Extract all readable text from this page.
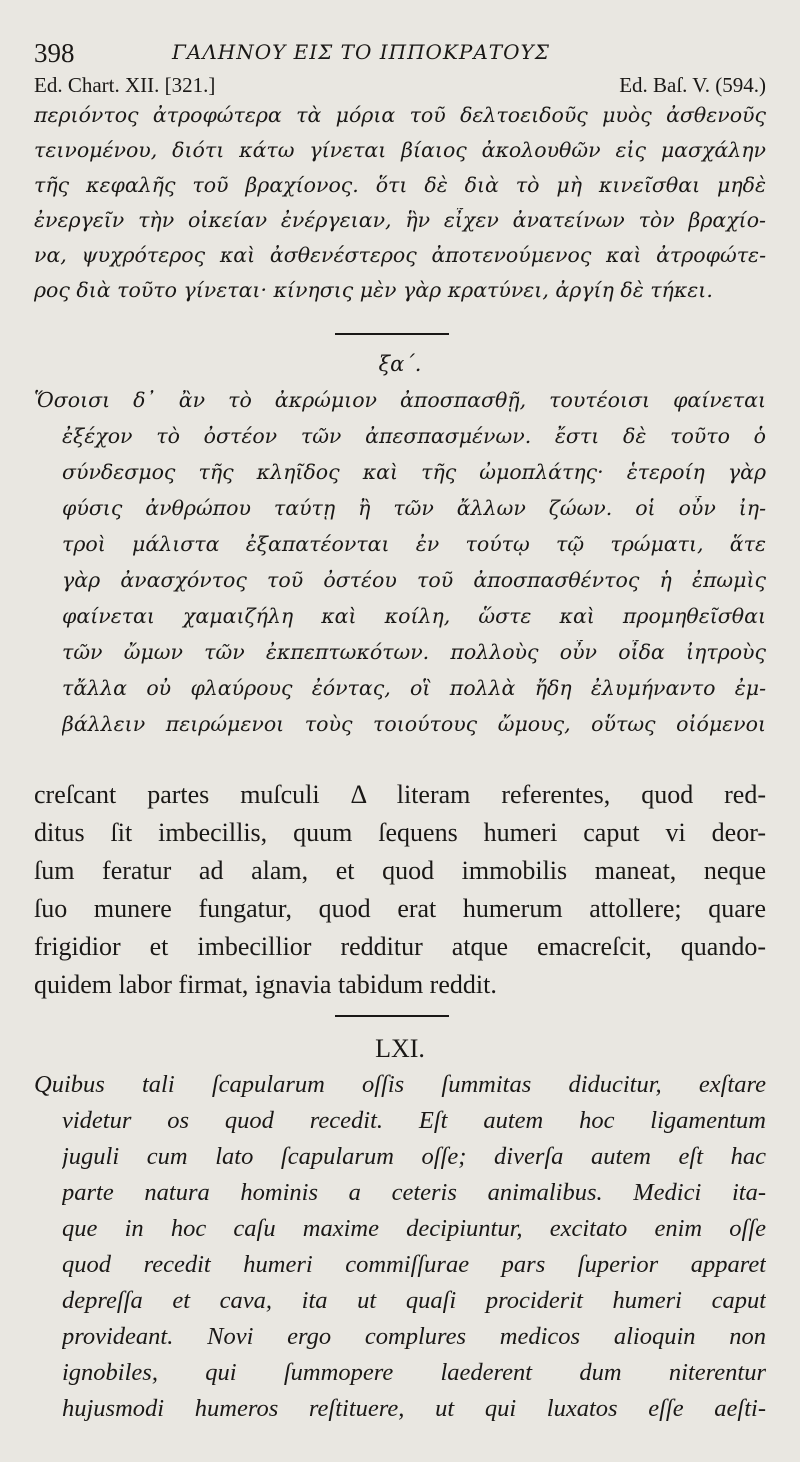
398	ΓΑΛΗΝΟΥ ΕΙΣ ΤΟ ΙΠΠΟΚΡΑΤΟΥΣ
Ed. Chart. XII. [321.]	Ed. Baſ. V. (594.)
περιόντος ἀτροφώτερα τὰ μόρια τοῦ δελτοειδοῦς μυὸς ἀσθενοῦς
τεινομένου, διότι κάτω γίνεται βίαιος ἀκολουθῶν εἰς μασχάλην
τῆς κεφαλῆς τοῦ βραχίονος. ὅτι δὲ διὰ τὸ μὴ κινεῖσθαι μηδὲ
ἐνεργεῖν τὴν οἰκείαν ἐνέργειαν, ἣν εἶχεν ἀνατείνων τὸν βραχίο-
να, ψυχρότερος καὶ ἀσθενέστερος ἀποτενούμενος καὶ ἀτροφώτε-
ρος διὰ τοῦτο γίνεται· κίνησις μὲν γὰρ κρατύνει, ἀργίη δὲ τήκει.
ξα΄.
Ὅσοισι δ᾽ ἂν τὸ ἀκρώμιον ἀποσπασθῇ, τουτέοισι φαίνεται
ἐξέχον τὸ ὀστέον τῶν ἀπεσπασμένων. ἔστι δὲ τοῦτο ὁ
σύνδεσμος τῆς κληῖδος καὶ τῆς ὠμοπλάτης· ἑτεροίη γὰρ
φύσις ἀνθρώπου ταύτῃ ἢ τῶν ἄλλων ζώων. οἱ οὖν ἰη-
τροὶ μάλιστα ἐξαπατέονται ἐν τούτῳ τῷ τρώματι, ἅτε
γὰρ ἀνασχόντος τοῦ ὀστέου τοῦ ἀποσπασθέντος ἡ ἐπωμὶς
φαίνεται χαμαιζήλη καὶ κοίλη, ὥστε καὶ προμηθεῖσθαι
τῶν ὤμων τῶν ἐκπεπτωκότων. πολλοὺς οὖν οἶδα ἰητροὺς
τἄλλα οὐ φλαύρους ἐόντας, οἳ πολλὰ ἤδη ἐλυμήναντο ἐμ-
βάλλειν πειρώμενοι τοὺς τοιούτους ὤμους, οὕτως οἰόμενοι
creſcant partes muſculi Δ literam referentes, quod red-
ditus ſit imbecillis, quum ſequens humeri caput vi deor-
ſum feratur ad alam, et quod immobilis maneat, neque
ſuo munere fungatur, quod erat humerum attollere; quare
frigidior et imbecillior redditur atque emacreſcit, quando-
quidem labor firmat, ignavia tabidum reddit.
LXI.
Quibus tali ſcapularum oſſis ſummitas diducitur, exſtare
videtur os quod recedit. Eſt autem hoc ligamentum
juguli cum lato ſcapularum oſſe; diverſa autem eſt hac
parte natura hominis a ceteris animalibus. Medici ita-
que in hoc caſu maxime decipiuntur, excitato enim oſſe
quod recedit humeri commiſſurae pars ſuperior apparet
depreſſa et cava, ita ut quaſi prociderit humeri caput
provideant. Novi ergo complures medicos alioquin non
ignobiles, qui ſummopere laederent dum niterentur
hujusmodi humeros reſtituere, ut qui luxatos eſſe aeſti-
